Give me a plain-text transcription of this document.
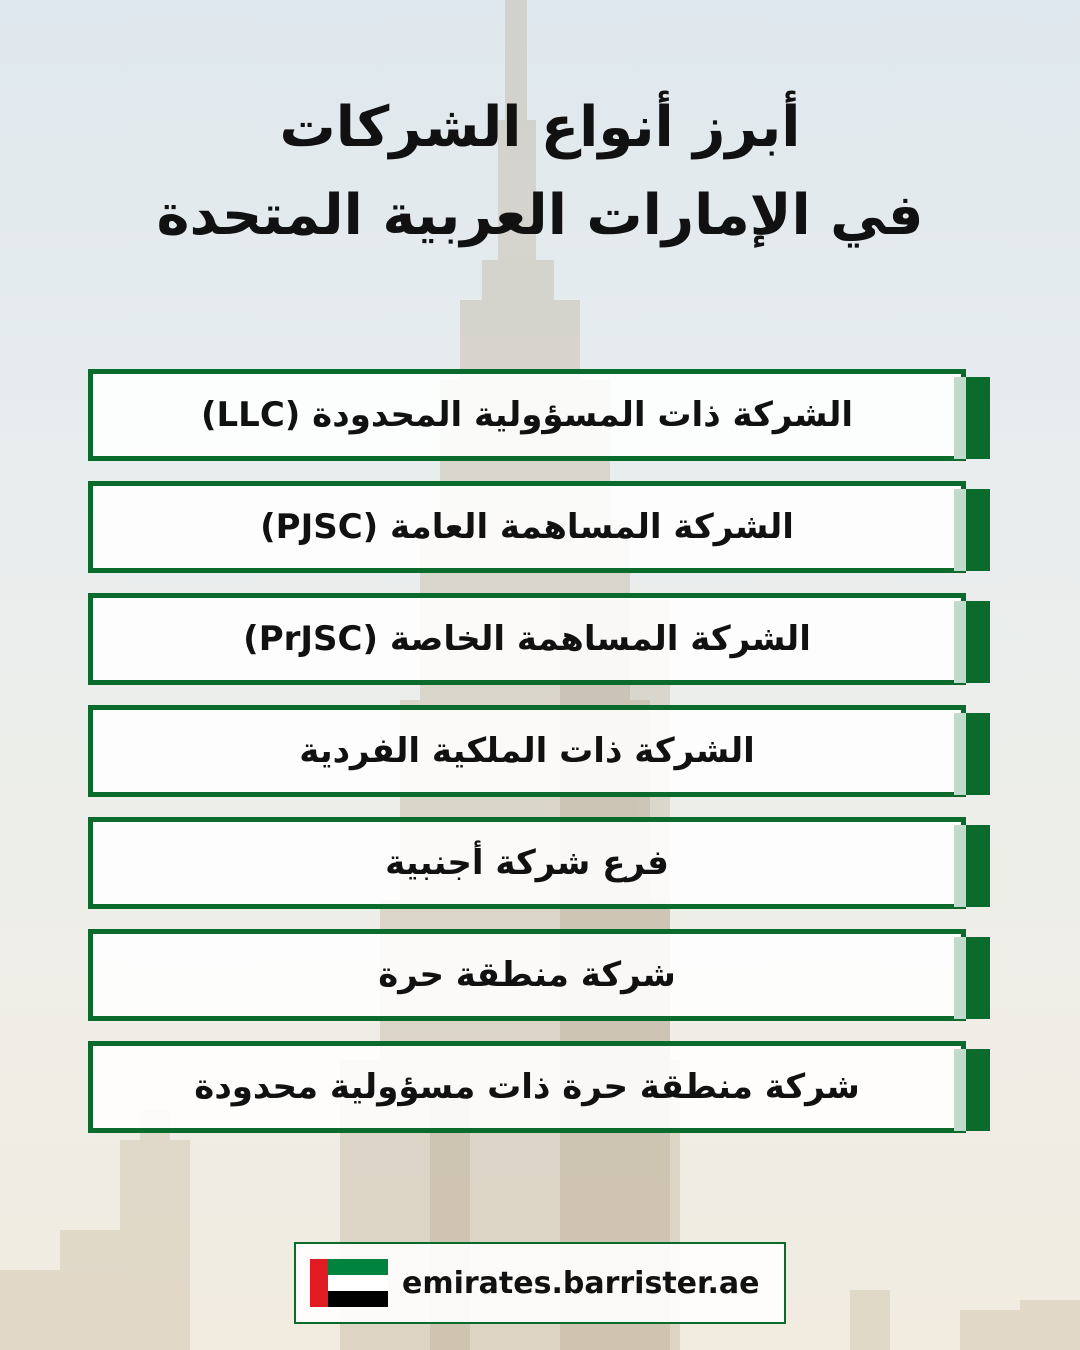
أبرز أنواع الشركات
في الإمارات العربية المتحدة
الشركة ذات المسؤولية المحدودة (LLC)
الشركة المساهمة العامة (PJSC)
الشركة المساهمة الخاصة (PrJSC)
الشركة ذات الملكية الفردية
فرع شركة أجنبية
شركة منطقة حرة
شركة منطقة حرة ذات مسؤولية محدودة
emirates.barrister.ae
